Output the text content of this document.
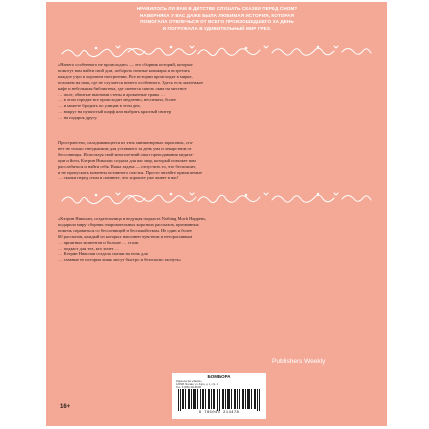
НРАВИЛОСЬ ЛИ ВАМ В ДЕТСТВЕ СЛУШАТЬ СКАЗКИ ПЕРЕД СНОМ?
НАВЕРНЯКА У ВАС ДАЖЕ БЫЛА ЛЮБИМАЯ ИСТОРИЯ, КОТОРАЯ
ПОМОГАЛА ОТВЛЕЧЬСЯ ОТ ВСЕГО ПРОИЗОШЕДШЕГО ЗА ДЕНЬ
И ПОГРУЖАЛА В УДИВИТЕЛЬНЫЙ МИР ГРЕЗ.
«Ничего особенного не происходит» — это сборник историй, которые
помогут вам найти свой дом, побороть ночные кошмары и встретить
каждое утро в хорошем настроении. Все истории происходят в мирке,
похожем на наш, где не случается ничего особенного. Здесь есть маленькое
кафе и небольшая библиотека, где смеются сквозь окна на местное
… поле, обвитые вьюнами стены и ароматные травы …
… в этом городке все происходит медленно, неспешно, более
… и можете бродить по улицам в этом дне,
… вокруг на пушистый шарф или выбрать красный свитер
… на подарок другу.
Пространство, складывающееся из этих миниатюрных зарисовок, ста-
нет не только гнездышком для уставшего за день ума и лекарством от
бессонницы. Используя свой многолетний опыт преподавания медита-
ции и йоги, Кэтрин Николаи создала для вас мир, который поможет вам
расслабиться и найти себя. Ваша задача — отпустить то, что беспокоит,
и не пропускать моменты истинного счастья. Просто читайте прилагаемые
… сказки перед сном и помните, что хорошее уже живет в вас!
«Кэтрин Николаи, создательница и ведущая подкаста Nothing Much Happens,
подарила миру сборник очаровательных коротких рассказов, призванных
помочь справиться со бессонницей и беспокойством. Не один и более
60 рассказов, каждый из которых наполнен чувством и неторопливым
… приятных моментов и больше … стали
… подкаст для тех, кто хочет …
… Кэтрин Николаи создала сказки на ночь для
… главные ее истории лишь могут быстро и безопасно заснуть»
Publishers Weekly
БОМБОРА
Издательство «Эксмо»
123308, Москва, ул. Зорге, д. 1, стр. 1
Тел.: 8 (495) 411-68-86
9 785041 214478
16+
